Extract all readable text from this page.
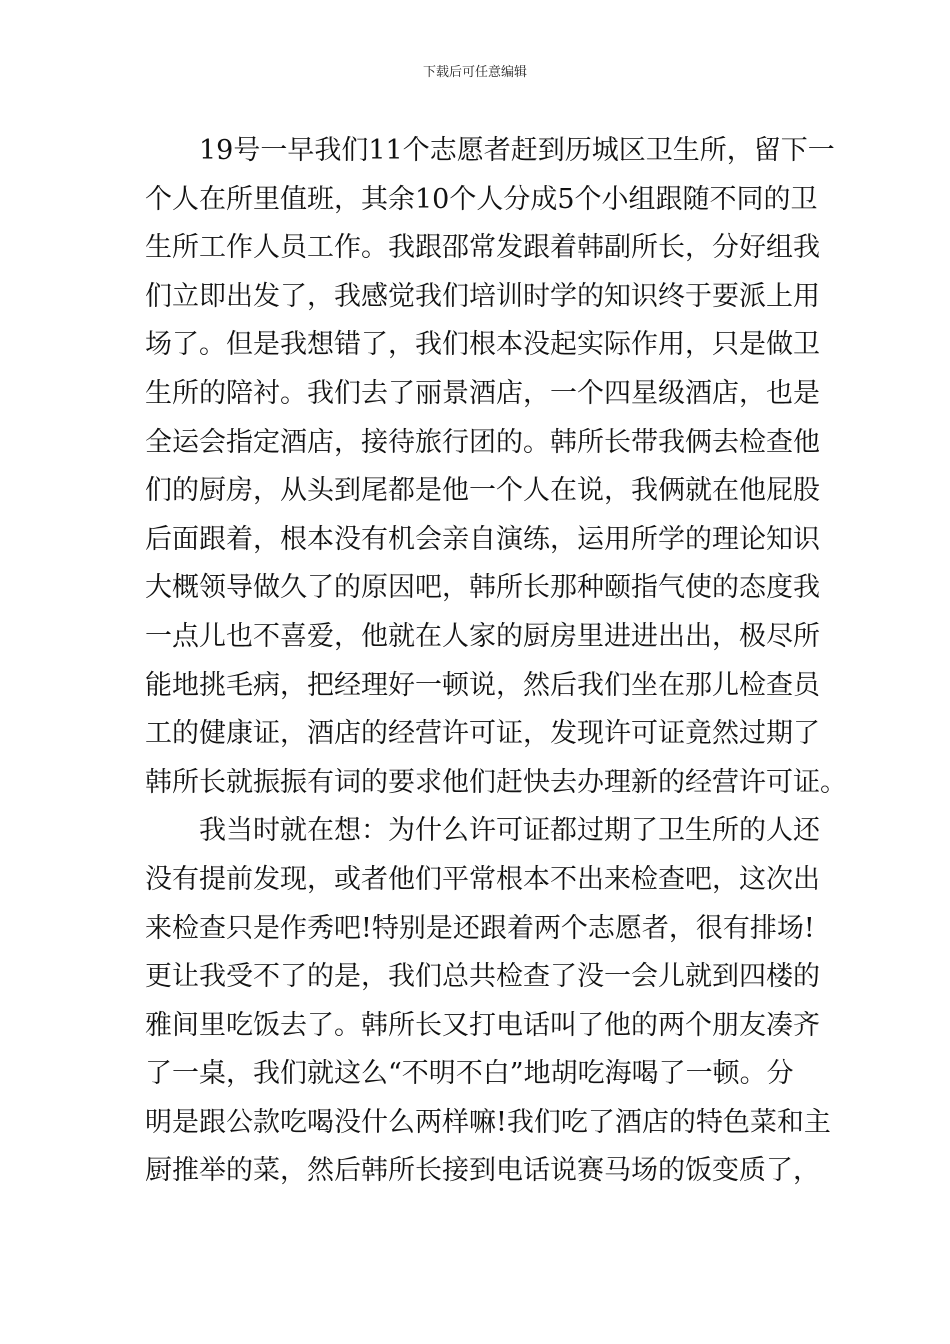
下载后可任意编辑
19号一早我们11个志愿者赶到历城区卫生所，留下一
个人在所里值班，其余10个人分成5个小组跟随不同的卫
生所工作人员工作。我跟邵常发跟着韩副所长，分好组我
们立即出发了，我感觉我们培训时学的知识终于要派上用
场了。但是我想错了，我们根本没起实际作用，只是做卫
生所的陪衬。我们去了丽景酒店，一个四星级酒店，也是
全运会指定酒店，接待旅行团的。韩所长带我俩去检查他
们的厨房，从头到尾都是他一个人在说，我俩就在他屁股
后面跟着，根本没有机会亲自演练，运用所学的理论知识
大概领导做久了的原因吧，韩所长那种颐指气使的态度我
一点儿也不喜爱，他就在人家的厨房里进进出出，极尽所
能地挑毛病，把经理好一顿说，然后我们坐在那儿检查员
工的健康证，酒店的经营许可证，发现许可证竟然过期了
韩所长就振振有词的要求他们赶快去办理新的经营许可证。
我当时就在想：为什么许可证都过期了卫生所的人还
没有提前发现，或者他们平常根本不出来检查吧，这次出
来检查只是作秀吧!特别是还跟着两个志愿者，很有排场!
更让我受不了的是，我们总共检查了没一会儿就到四楼的
雅间里吃饭去了。韩所长又打电话叫了他的两个朋友凑齐
了一桌，我们就这么“不明不白”地胡吃海喝了一顿。分
明是跟公款吃喝没什么两样嘛!我们吃了酒店的特色菜和主
厨推举的菜，然后韩所长接到电话说赛马场的饭变质了，
